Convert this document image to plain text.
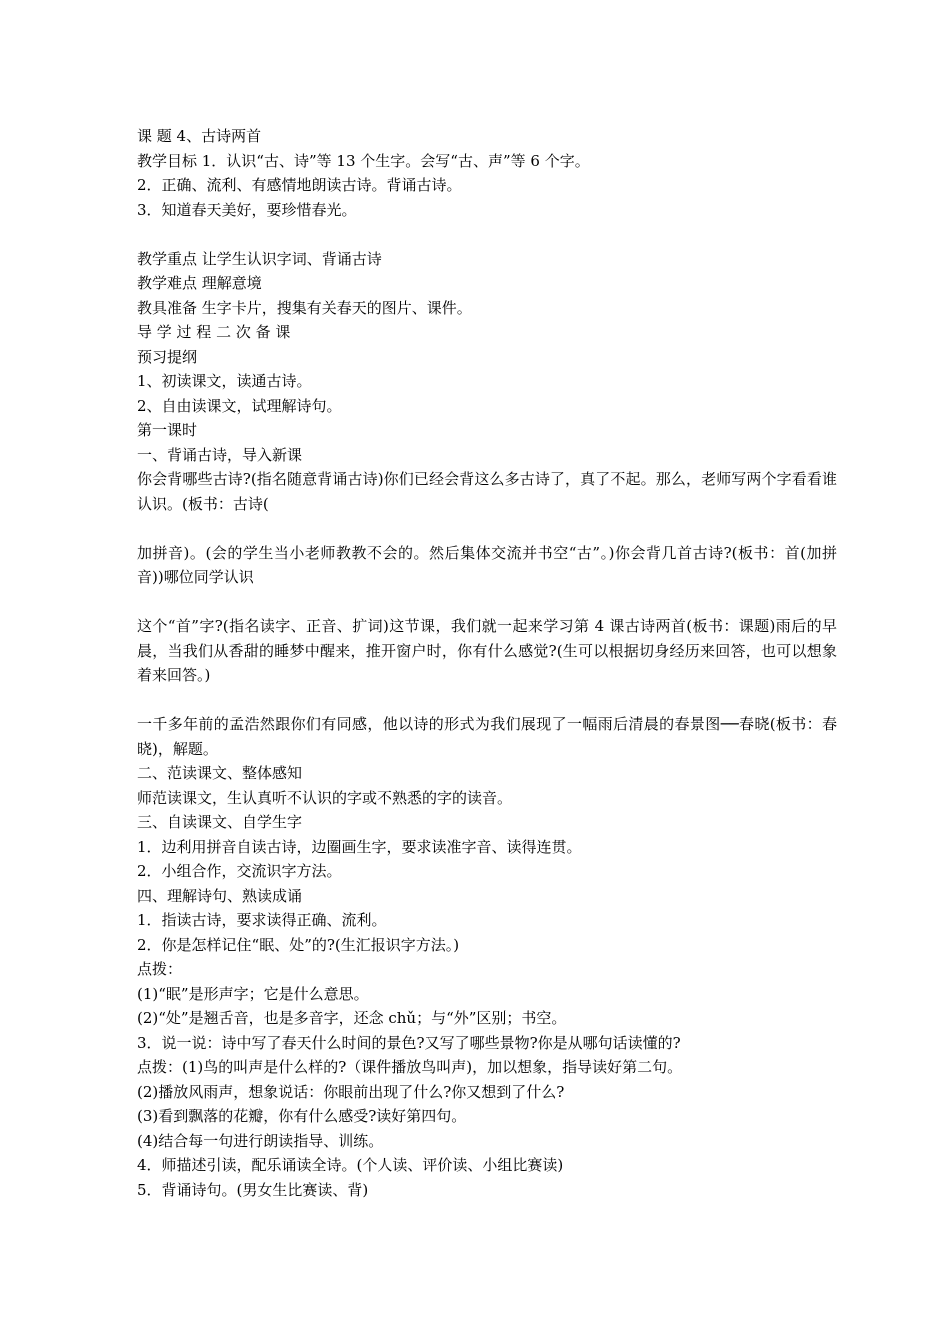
课 题 4、古诗两首
教学目标 1．认识“古、诗”等 13 个生字。会写“古、声”等 6 个字。
2．正确、流利、有感情地朗读古诗。背诵古诗。
3．知道春天美好，要珍惜春光。
教学重点 让学生认识字词、背诵古诗
教学难点 理解意境
教具准备 生字卡片，搜集有关春天的图片、课件。
导 学 过 程 二 次 备 课
预习提纲
1、初读课文，读通古诗。
2、自由读课文，试理解诗句。
第一课时
一、背诵古诗，导入新课
你会背哪些古诗?(指名随意背诵古诗)你们已经会背这么多古诗了，真了不起。那么，老师写两个字看看谁认识。(板书：古诗(
加拼音)。(会的学生当小老师教教不会的。然后集体交流并书空“古”。)你会背几首古诗?(板书：首(加拼音))哪位同学认识
这个“首”字?(指名读字、正音、扩词)这节课，我们就一起来学习第 4 课古诗两首(板书：课题)雨后的早晨，当我们从香甜的睡梦中醒来，推开窗户时，你有什么感觉?(生可以根据切身经历来回答，也可以想象着来回答。)
一千多年前的孟浩然跟你们有同感，他以诗的形式为我们展现了一幅雨后清晨的春景图──春晓(板书：春晓)，解题。
二、范读课文、整体感知
师范读课文，生认真听不认识的字或不熟悉的字的读音。
三、自读课文、自学生字
1．边利用拼音自读古诗，边圈画生字，要求读准字音、读得连贯。
2．小组合作，交流识字方法。
四、理解诗句、熟读成诵
1．指读古诗，要求读得正确、流利。
2．你是怎样记住“眠、处”的?(生汇报识字方法。)
点拨：
(1)“眠”是形声字；它是什么意思。
(2)“处”是翘舌音，也是多音字，还念 chǔ；与“外”区别；书空。
3．说一说：诗中写了春天什么时间的景色?又写了哪些景物?你是从哪句话读懂的?
点拨：(1)鸟的叫声是什么样的?（课件播放鸟叫声)，加以想象，指导读好第二句。
(2)播放风雨声，想象说话：你眼前出现了什么?你又想到了什么?
(3)看到飘落的花瓣，你有什么感受?读好第四句。
(4)结合每一句进行朗读指导、训练。
4．师描述引读，配乐诵读全诗。(个人读、评价读、小组比赛读)
5．背诵诗句。(男女生比赛读、背)
